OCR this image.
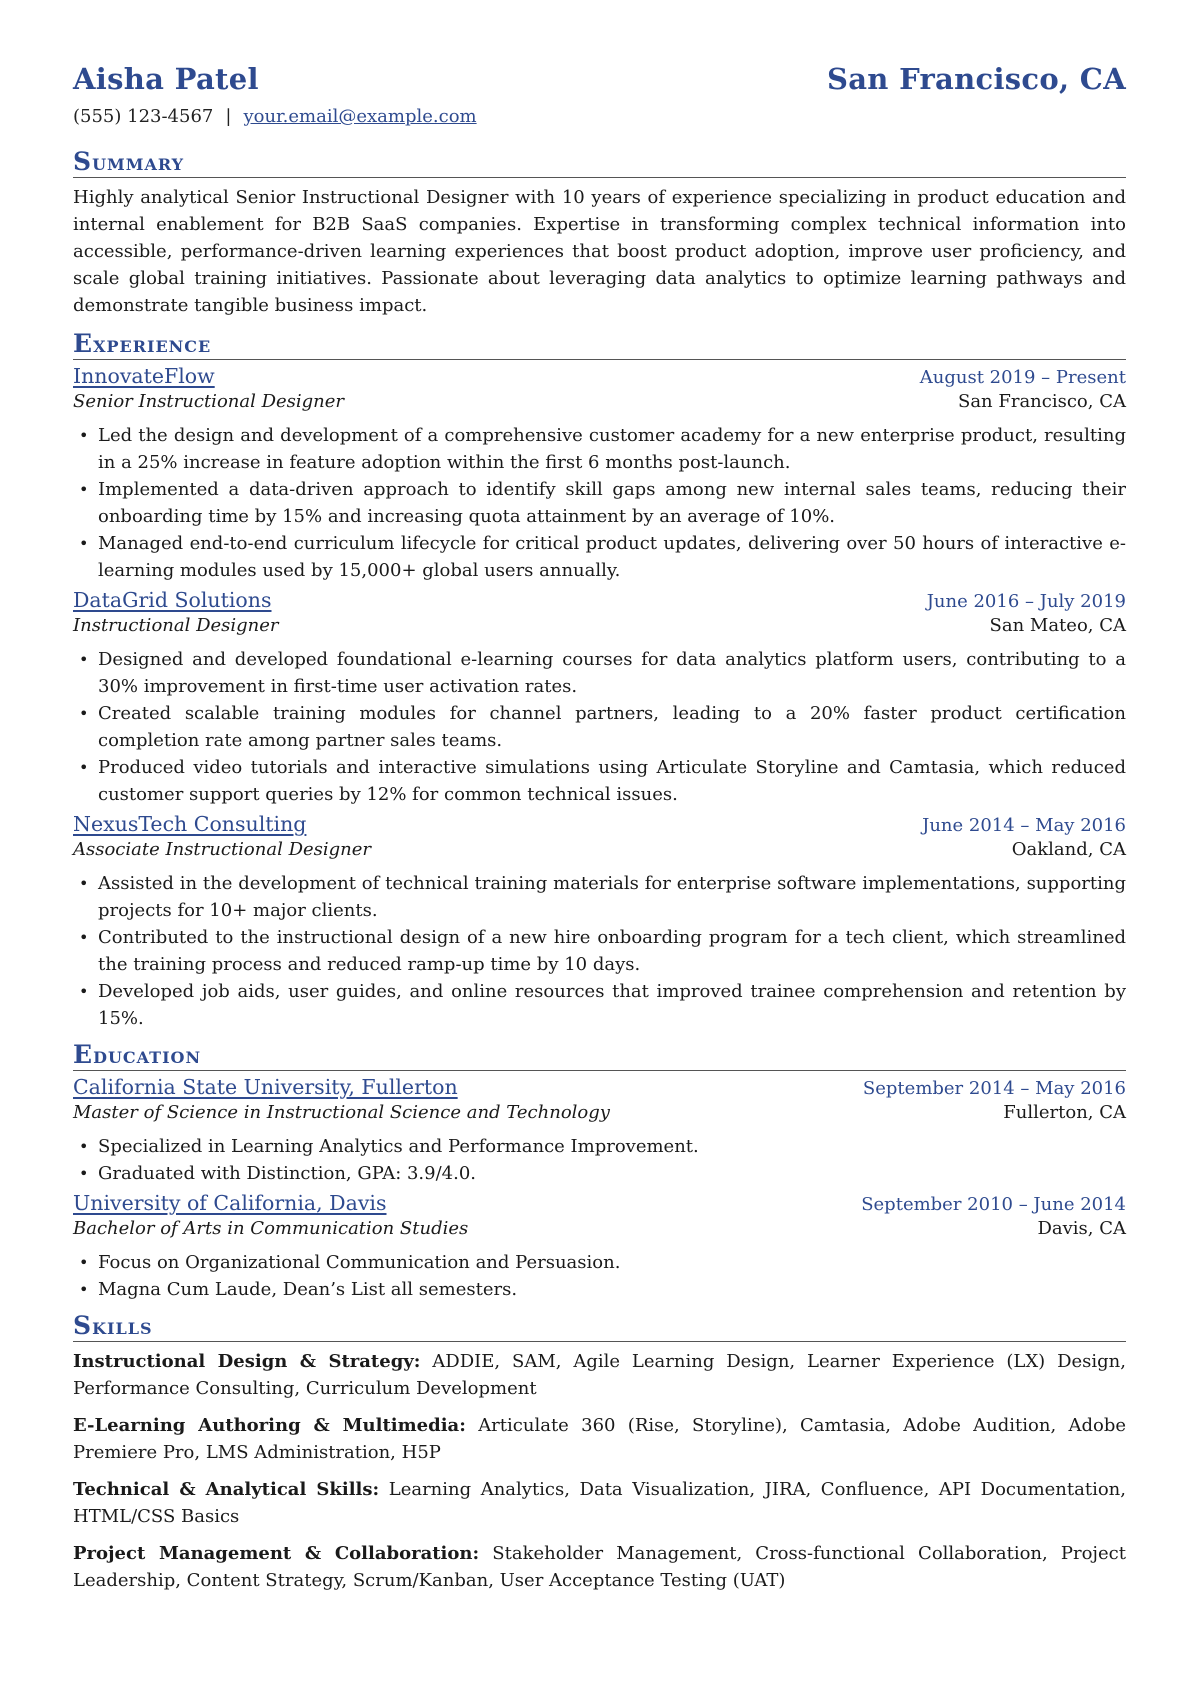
Aisha Patel	San Francisco, CA
(555) 123-4567 | your.email@example.com
Summary
Highly analytical Senior Instructional Designer with 10 years of experience specializing in product education and internal enablement for B2B SaaS companies. Expertise in transforming complex technical information into accessible, performance-driven learning experiences that boost product adoption, improve user proficiency, and scale global training initiatives. Passionate about leveraging data analytics to optimize learning pathways and demonstrate tangible business impact.
Experience
InnovateFlow	August 2019 – Present
Senior Instructional Designer	San Francisco, CA
• Led the design and development of a comprehensive customer academy for a new enterprise product, resulting in a 25% increase in feature adoption within the first 6 months post-launch.
• Implemented a data-driven approach to identify skill gaps among new internal sales teams, reducing their onboarding time by 15% and increasing quota attainment by an average of 10%.
• Managed end-to-end curriculum lifecycle for critical product updates, delivering over 50 hours of interactive e-learning modules used by 15,000+ global users annually.
DataGrid Solutions	June 2016 – July 2019
Instructional Designer	San Mateo, CA
• Designed and developed foundational e-learning courses for data analytics platform users, contributing to a 30% improvement in first-time user activation rates.
• Created scalable training modules for channel partners, leading to a 20% faster product certification completion rate among partner sales teams.
• Produced video tutorials and interactive simulations using Articulate Storyline and Camtasia, which reduced customer support queries by 12% for common technical issues.
NexusTech Consulting	June 2014 – May 2016
Associate Instructional Designer	Oakland, CA
• Assisted in the development of technical training materials for enterprise software implementations, supporting projects for 10+ major clients.
• Contributed to the instructional design of a new hire onboarding program for a tech client, which streamlined the training process and reduced ramp-up time by 10 days.
• Developed job aids, user guides, and online resources that improved trainee comprehension and retention by 15%.
Education
California State University, Fullerton	September 2014 – May 2016
Master of Science in Instructional Science and Technology	Fullerton, CA
• Specialized in Learning Analytics and Performance Improvement.
• Graduated with Distinction, GPA: 3.9/4.0.
University of California, Davis	September 2010 – June 2014
Bachelor of Arts in Communication Studies	Davis, CA
• Focus on Organizational Communication and Persuasion.
• Magna Cum Laude, Dean’s List all semesters.
Skills
Instructional Design & Strategy: ADDIE, SAM, Agile Learning Design, Learner Experience (LX) Design, Performance Consulting, Curriculum Development
E-Learning Authoring & Multimedia: Articulate 360 (Rise, Storyline), Camtasia, Adobe Audition, Adobe Premiere Pro, LMS Administration, H5P
Technical & Analytical Skills: Learning Analytics, Data Visualization, JIRA, Confluence, API Documentation, HTML/CSS Basics
Project Management & Collaboration: Stakeholder Management, Cross-functional Collaboration, Project Leadership, Content Strategy, Scrum/Kanban, User Acceptance Testing (UAT)
